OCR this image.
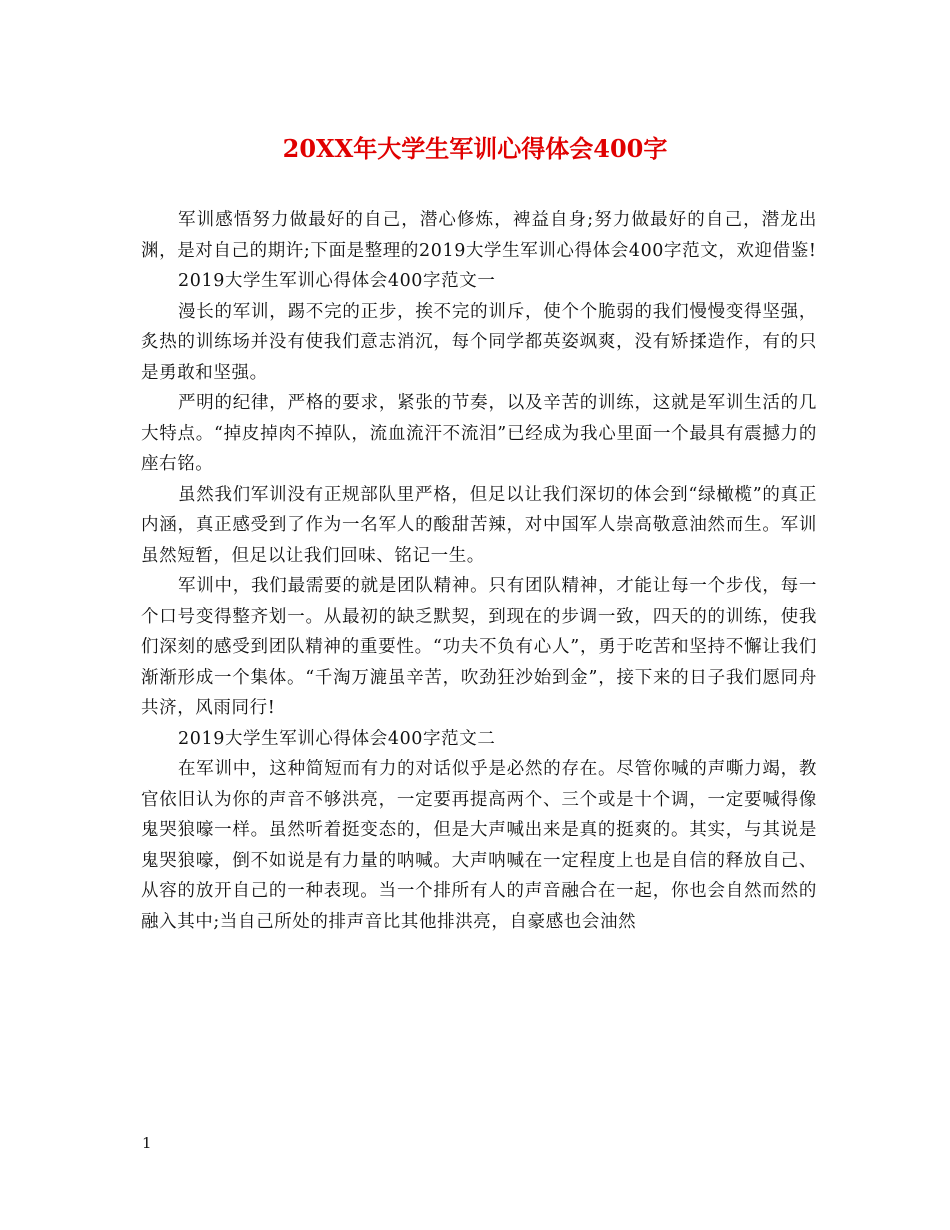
20XX年大学生军训心得体会400字

军训感悟努力做最好的自己，潜心修炼，裨益自身;努力做最好的自己，潜龙出渊，是对自己的期许;下面是整理的2019大学生军训心得体会400字范文，欢迎借鉴!

2019大学生军训心得体会400字范文一

漫长的军训，踢不完的正步，挨不完的训斥，使个个脆弱的我们慢慢变得坚强，炙热的训练场并没有使我们意志消沉，每个同学都英姿飒爽，没有矫揉造作，有的只是勇敢和坚强。

严明的纪律，严格的要求，紧张的节奏，以及辛苦的训练，这就是军训生活的几大特点。“掉皮掉肉不掉队，流血流汗不流泪”已经成为我心里面一个最具有震撼力的座右铭。

虽然我们军训没有正规部队里严格，但足以让我们深切的体会到“绿橄榄”的真正内涵，真正感受到了作为一名军人的酸甜苦辣，对中国军人崇高敬意油然而生。军训虽然短暂，但足以让我们回味、铭记一生。

军训中，我们最需要的就是团队精神。只有团队精神，才能让每一个步伐，每一个口号变得整齐划一。从最初的缺乏默契，到现在的步调一致，四天的的训练，使我们深刻的感受到团队精神的重要性。“功夫不负有心人”，勇于吃苦和坚持不懈让我们渐渐形成一个集体。“千淘万漉虽辛苦，吹劲狂沙始到金”，接下来的日子我们愿同舟共济，风雨同行!

2019大学生军训心得体会400字范文二

在军训中，这种简短而有力的对话似乎是必然的存在。尽管你喊的声嘶力竭，教官依旧认为你的声音不够洪亮，一定要再提高两个、三个或是十个调，一定要喊得像鬼哭狼嚎一样。虽然听着挺变态的，但是大声喊出来是真的挺爽的。其实，与其说是鬼哭狼嚎，倒不如说是有力量的呐喊。大声呐喊在一定程度上也是自信的释放自己、从容的放开自己的一种表现。当一个排所有人的声音融合在一起，你也会自然而然的融入其中;当自己所处的排声音比其他排洪亮，自豪感也会油然

1
